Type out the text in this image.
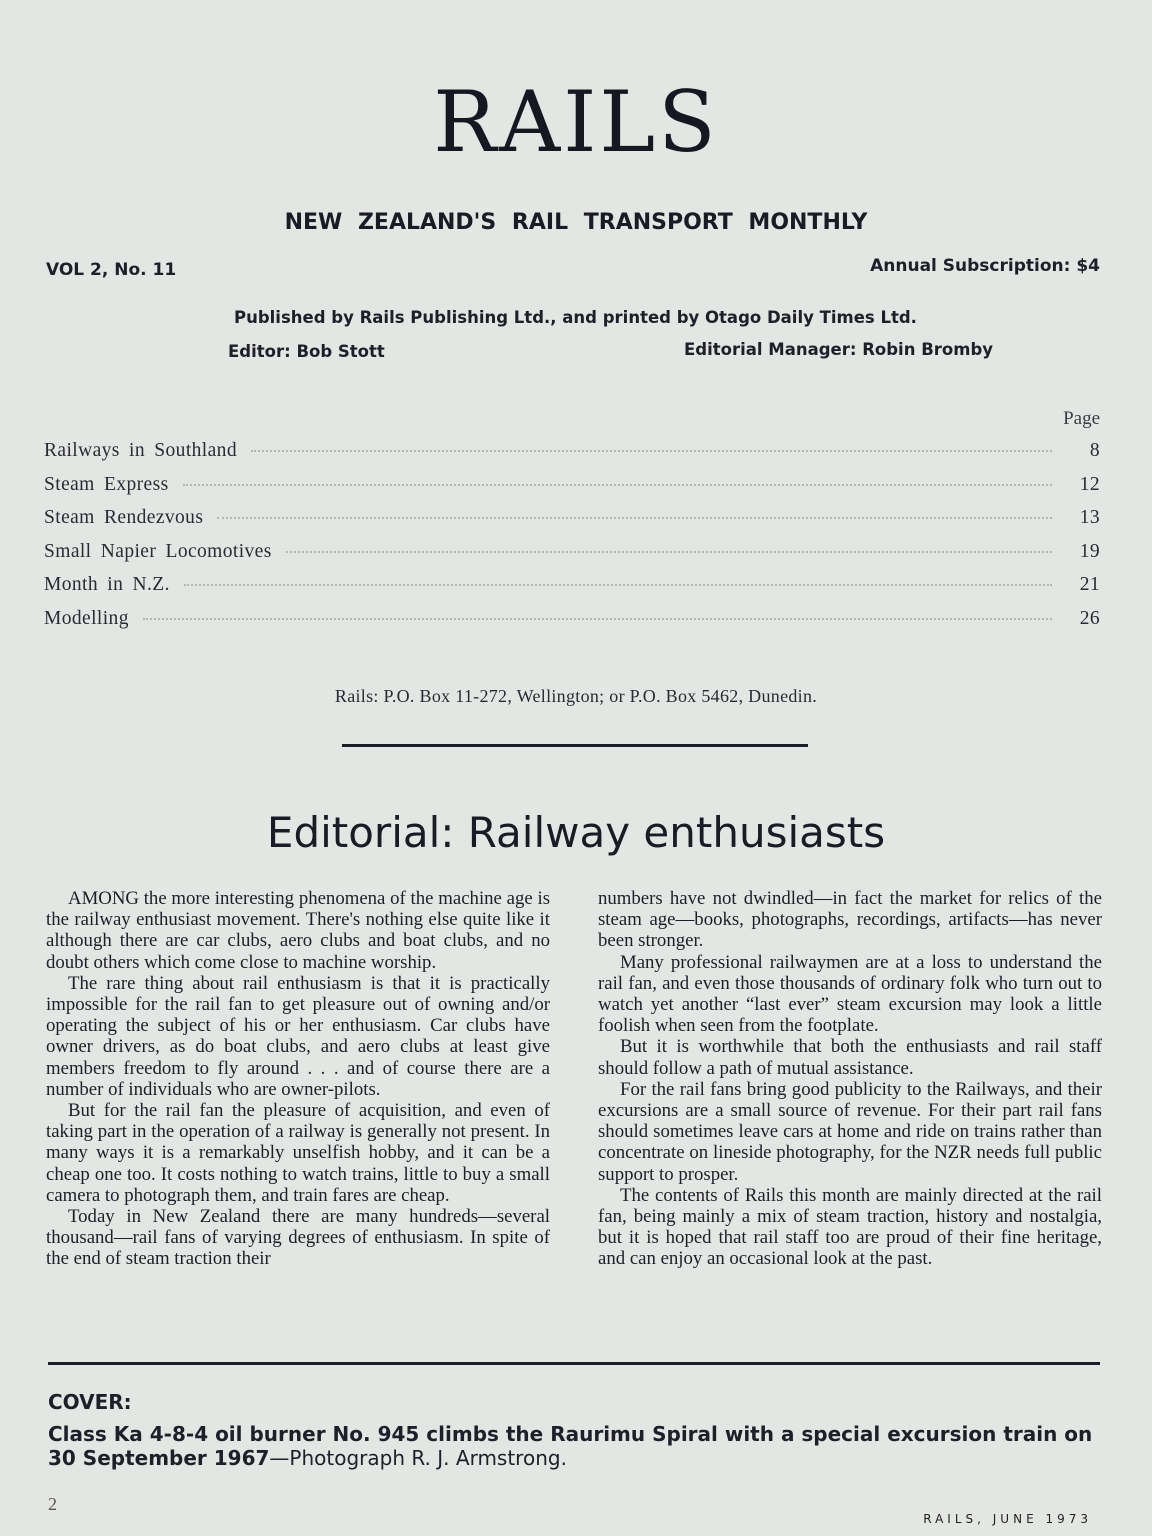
RAILS
NEW ZEALAND'S RAIL TRANSPORT MONTHLY
VOL 2, No. 11	Annual Subscription: $4
Published by Rails Publishing Ltd., and printed by Otago Daily Times Ltd.
Editor: Bob Stott	Editorial Manager: Robin Bromby
Page
Railways in Southland	8
Steam Express	12
Steam Rendezvous	13
Small Napier Locomotives	19
Month in N.Z.	21
Modelling	26
Rails: P.O. Box 11-272, Wellington; or P.O. Box 5462, Dunedin.
Editorial: Railway enthusiasts

AMONG the more interesting phenomena of the machine age is the railway enthusiast movement. There's nothing else quite like it although there are car clubs, aero clubs and boat clubs, and no doubt others which come close to machine worship.

The rare thing about rail enthusiasm is that it is practically impossible for the rail fan to get pleasure out of owning and/or operating the subject of his or her enthusiasm. Car clubs have owner drivers, as do boat clubs, and aero clubs at least give members freedom to fly around . . . and of course there are a number of individuals who are owner-pilots.

But for the rail fan the pleasure of acquisition, and even of taking part in the operation of a railway is generally not present. In many ways it is a remarkably unselfish hobby, and it can be a cheap one too. It costs nothing to watch trains, little to buy a small camera to photograph them, and train fares are cheap.

Today in New Zealand there are many hundreds—several thousand—rail fans of varying degrees of enthusiasm. In spite of the end of steam traction their

numbers have not dwindled—in fact the market for relics of the steam age—books, photographs, recordings, artifacts—has never been stronger.

Many professional railwaymen are at a loss to understand the rail fan, and even those thousands of ordinary folk who turn out to watch yet another “last ever” steam excursion may look a little foolish when seen from the footplate.

But it is worthwhile that both the enthusiasts and rail staff should follow a path of mutual assistance.

For the rail fans bring good publicity to the Railways, and their excursions are a small source of revenue. For their part rail fans should sometimes leave cars at home and ride on trains rather than concentrate on lineside photography, for the NZR needs full public support to prosper.

The contents of Rails this month are mainly directed at the rail fan, being mainly a mix of steam traction, history and nostalgia, but it is hoped that rail staff too are proud of their fine heritage, and can enjoy an occasional look at the past.

COVER:
Class Ka 4-8-4 oil burner No. 945 climbs the Raurimu Spiral with a special excursion train on 30 September 1967—Photograph R. J. Armstrong.
2
RAILS, JUNE 1973
